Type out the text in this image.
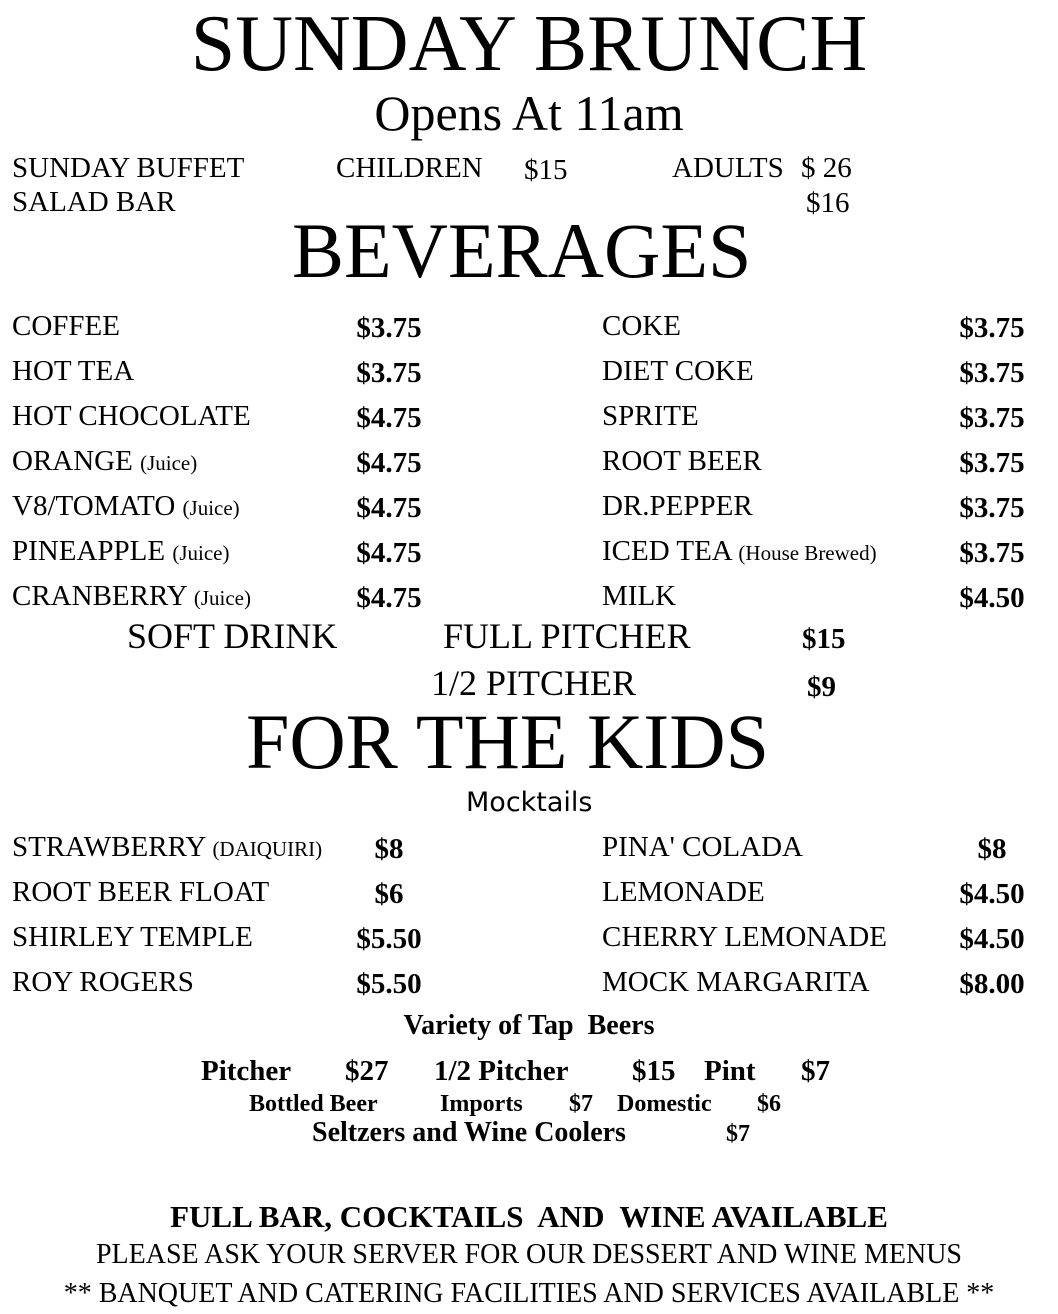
SUNDAY BRUNCH
Opens At 11am
SUNDAY BUFFET	CHILDREN $15	ADULTS $ 26
SALAD BAR	$16
BEVERAGES
COFFEE	$3.75
HOT TEA	$3.75
HOT CHOCOLATE	$4.75
ORANGE (Juice)	$4.75
V8/TOMATO (Juice)	$4.75
PINEAPPLE (Juice)	$4.75
CRANBERRY (Juice)	$4.75
COKE	$3.75
DIET COKE	$3.75
SPRITE	$3.75
ROOT BEER	$3.75
DR.PEPPER	$3.75
ICED TEA (House Brewed)	$3.75
MILK	$4.50
SOFT DRINK	FULL PITCHER	$15
1/2 PITCHER	$9
FOR THE KIDS
Mocktails
STRAWBERRY (DAIQUIRI)	$8
ROOT BEER FLOAT	$6
SHIRLEY TEMPLE	$5.50
ROY ROGERS	$5.50
PINA' COLADA	$8
LEMONADE	$4.50
CHERRY LEMONADE	$4.50
MOCK MARGARITA	$8.00
Variety of Tap  Beers
Pitcher $27 1/2 Pitcher $15 Pint $7
Bottled Beer	Imports $7 Domestic $6
Seltzers and Wine Coolers	$7
FULL BAR, COCKTAILS  AND  WINE AVAILABLE
PLEASE ASK YOUR SERVER FOR OUR DESSERT AND WINE MENUS
** BANQUET AND CATERING FACILITIES AND SERVICES AVAILABLE **
